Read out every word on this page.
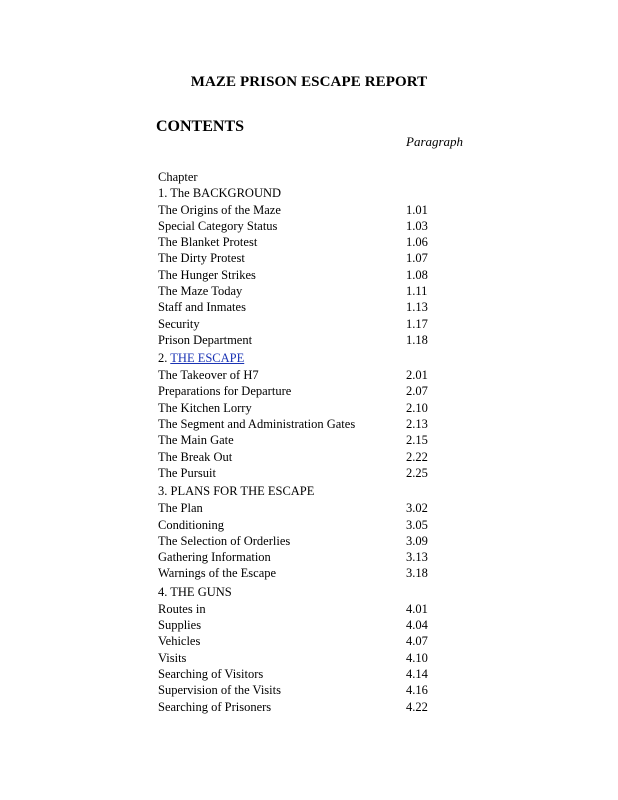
MAZE PRISON ESCAPE REPORT
CONTENTS
Paragraph
Chapter
1. The BACKGROUND
The Origins of the Maze	1.01
Special Category Status	1.03
The Blanket Protest	1.06
The Dirty Protest	1.07
The Hunger Strikes	1.08
The Maze Today	1.11
Staff and Inmates	1.13
Security	1.17
Prison Department	1.18
2. THE ESCAPE
The Takeover of H7	2.01
Preparations for Departure	2.07
The Kitchen Lorry	2.10
The Segment and Administration Gates	2.13
The Main Gate	2.15
The Break Out	2.22
The Pursuit	2.25
3. PLANS FOR THE ESCAPE
The Plan	3.02
Conditioning	3.05
The Selection of Orderlies	3.09
Gathering Information	3.13
Warnings of the Escape	3.18
4. THE GUNS
Routes in	4.01
Supplies	4.04
Vehicles	4.07
Visits	4.10
Searching of Visitors	4.14
Supervision of the Visits	4.16
Searching of Prisoners	4.22
